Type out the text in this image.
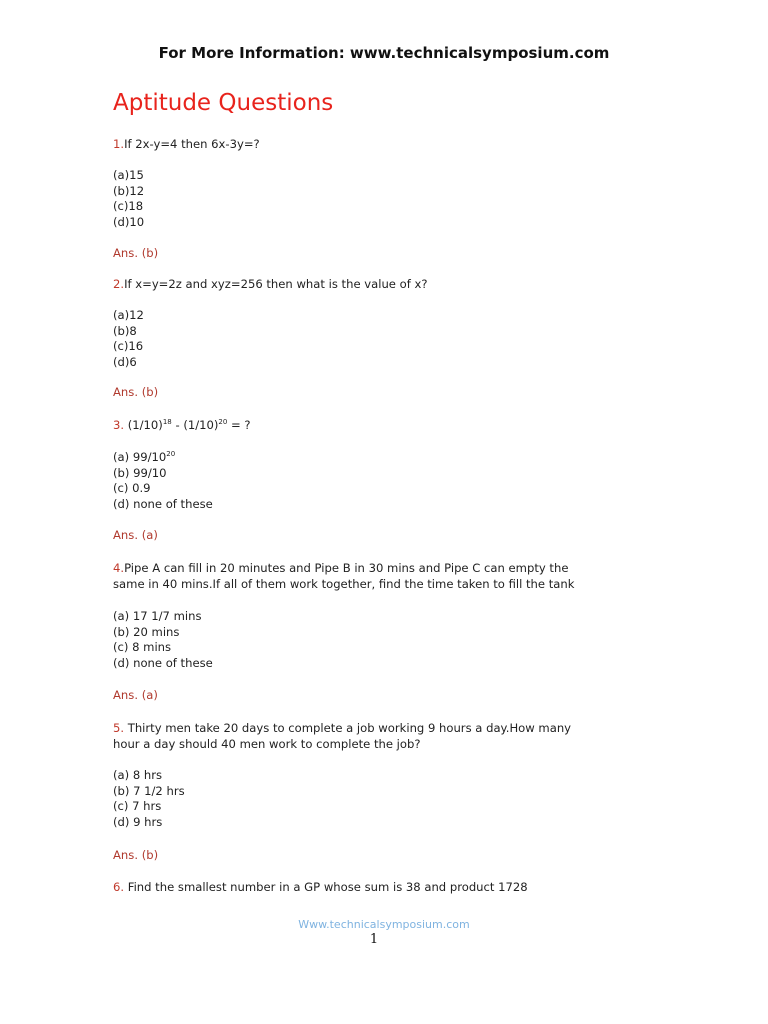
For More Information: www.technicalsymposium.com
Aptitude Questions
1.If 2x-y=4 then 6x-3y=?
(a)15
(b)12
(c)18
(d)10
Ans. (b)
2.If x=y=2z and xyz=256 then what is the value of x?
(a)12
(b)8
(c)16
(d)6
Ans. (b)
3. $(1/10)^{18} - (1/10)^{20}$ = ?
(a) $99/10^{20}$
(b) 99/10
(c) 0.9
(d) none of these
Ans. (a)
4.Pipe A can fill in 20 minutes and Pipe B in 30 mins and Pipe C can empty the
same in 40 mins.If all of them work together, find the time taken to fill the tank
(a) 17 1/7 mins
(b) 20 mins
(c) 8 mins
(d) none of these
Ans. (a)
5. Thirty men take 20 days to complete a job working 9 hours a day.How many
hour a day should 40 men work to complete the job?
(a) 8 hrs
(b) 7 1/2 hrs
(c) 7 hrs
(d) 9 hrs
Ans. (b)
6. Find the smallest number in a GP whose sum is 38 and product 1728
Www.technicalsymposium.com
1
